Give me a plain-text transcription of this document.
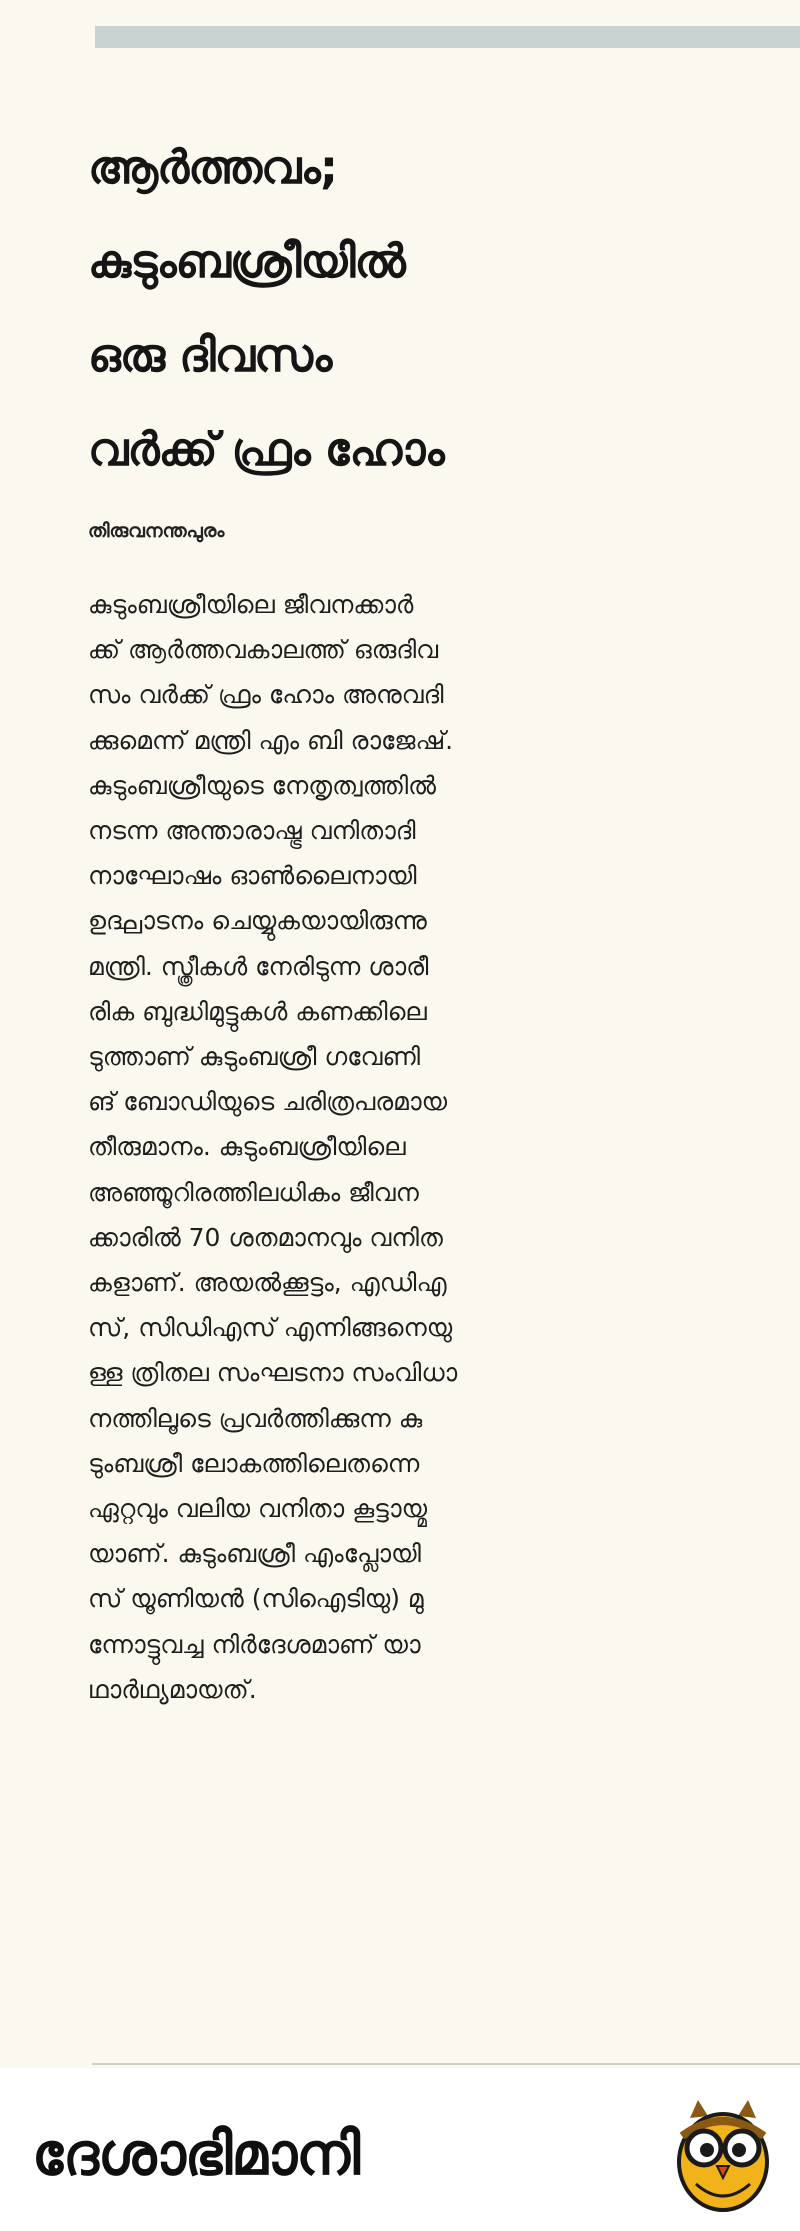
ആർത്തവം;
കുടുംബശ്രീയിൽ
ഒരു ദിവസം
വർക്ക് ഫ്രം ഹോം
തിരുവനന്തപുരം
കുടുംബശ്രീയിലെ ജീവനക്കാർ
ക്ക് ആർത്തവകാലത്ത് ഒരുദിവ
സം വർക്ക് ഫ്രം ഹോം അനുവദി
ക്കുമെന്ന് മന്ത്രി എം ബി രാജേഷ്.
കുടുംബശ്രീയുടെ നേതൃത്വത്തിൽ
നടന്ന അന്താരാഷ്ട്ര വനിതാദി
നാഘോഷം ഓൺലൈനായി
ഉദ്ഘാടനം ചെയ്യുകയായിരുന്നു
മന്ത്രി. സ്ത്രീകൾ നേരിടുന്ന ശാരീ
രിക ബുദ്ധിമുട്ടുകൾ കണക്കിലെ
ടുത്താണ് കുടുംബശ്രീ ഗവേണി
ങ് ബോഡിയുടെ ചരിത്രപരമായ
തീരുമാനം. കുടുംബശ്രീയിലെ
അഞ്ഞൂറിരത്തിലധികം ജീവന
ക്കാരിൽ 70 ശതമാനവും വനിത
കളാണ്. അയൽക്കൂട്ടം, എഡിഎ
സ്, സിഡിഎസ് എന്നിങ്ങനെയു
ള്ള ത്രിതല സംഘടനാ സംവിധാ
നത്തിലൂടെ പ്രവർത്തിക്കുന്ന കു
ടുംബശ്രീ ലോകത്തിലെതന്നെ
ഏറ്റവും വലിയ വനിതാ കൂട്ടായ്മ
യാണ്. കുടുംബശ്രീ എംപ്ലോയി
സ് യൂണിയൻ (സിഐടിയു) മു
ന്നോട്ടുവച്ച നിർദേശമാണ് യാ
ഥാർഥ്യമായത്.
ദേശാഭിമാനി
